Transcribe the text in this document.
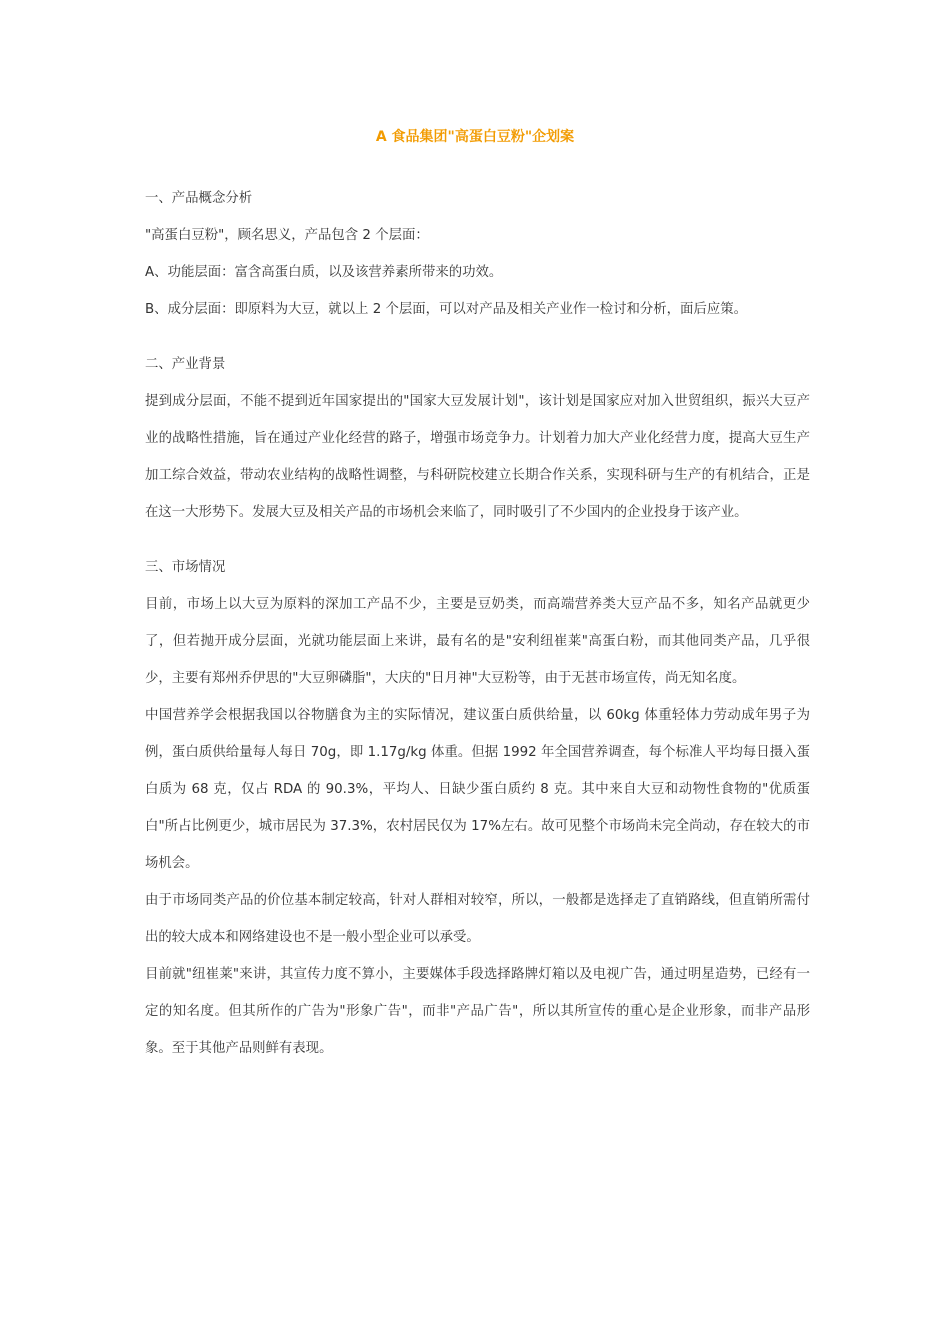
A 食品集团"高蛋白豆粉"企划案

一、产品概念分析

"高蛋白豆粉"，顾名思义，产品包含 2 个层面：

A、功能层面：富含高蛋白质，以及该营养素所带来的功效。

B、成分层面：即原料为大豆，就以上 2 个层面，可以对产品及相关产业作一检讨和分析，面后应策。

二、产业背景

提到成分层面，不能不提到近年国家提出的"国家大豆发展计划"，该计划是国家应对加入世贸组织，振兴大豆产业的战略性措施，旨在通过产业化经营的路子，增强市场竞争力。计划着力加大产业化经营力度，提高大豆生产加工综合效益，带动农业结构的战略性调整，与科研院校建立长期合作关系，实现科研与生产的有机结合，正是在这一大形势下。发展大豆及相关产品的市场机会来临了，同时吸引了不少国内的企业投身于该产业。

三、市场情况

目前，市场上以大豆为原料的深加工产品不少，主要是豆奶类，而高端营养类大豆产品不多，知名产品就更少了，但若抛开成分层面，光就功能层面上来讲，最有名的是"安利纽崔莱"高蛋白粉，而其他同类产品，几乎很少，主要有郑州乔伊思的"大豆卵磷脂"，大庆的"日月神"大豆粉等，由于无甚市场宣传，尚无知名度。

中国营养学会根据我国以谷物膳食为主的实际情况，建议蛋白质供给量，以 60kg 体重轻体力劳动成年男子为例，蛋白质供给量每人每日 70g，即 1.17g/kg 体重。但据 1992 年全国营养调查，每个标准人平均每日摄入蛋白质为 68 克，仅占 RDA 的 90.3%，平均人、日缺少蛋白质约 8 克。其中来自大豆和动物性食物的"优质蛋白"所占比例更少，城市居民为 37.3%，农村居民仅为 17%左右。故可见整个市场尚未完全尚动，存在较大的市场机会。

由于市场同类产品的价位基本制定较高，针对人群相对较窄，所以，一般都是选择走了直销路线，但直销所需付出的较大成本和网络建设也不是一般小型企业可以承受。

目前就"纽崔莱"来讲，其宣传力度不算小，主要媒体手段选择路牌灯箱以及电视广告，通过明星造势，已经有一定的知名度。但其所作的广告为"形象广告"，而非"产品广告"，所以其所宣传的重心是企业形象，而非产品形象。至于其他产品则鲜有表现。
